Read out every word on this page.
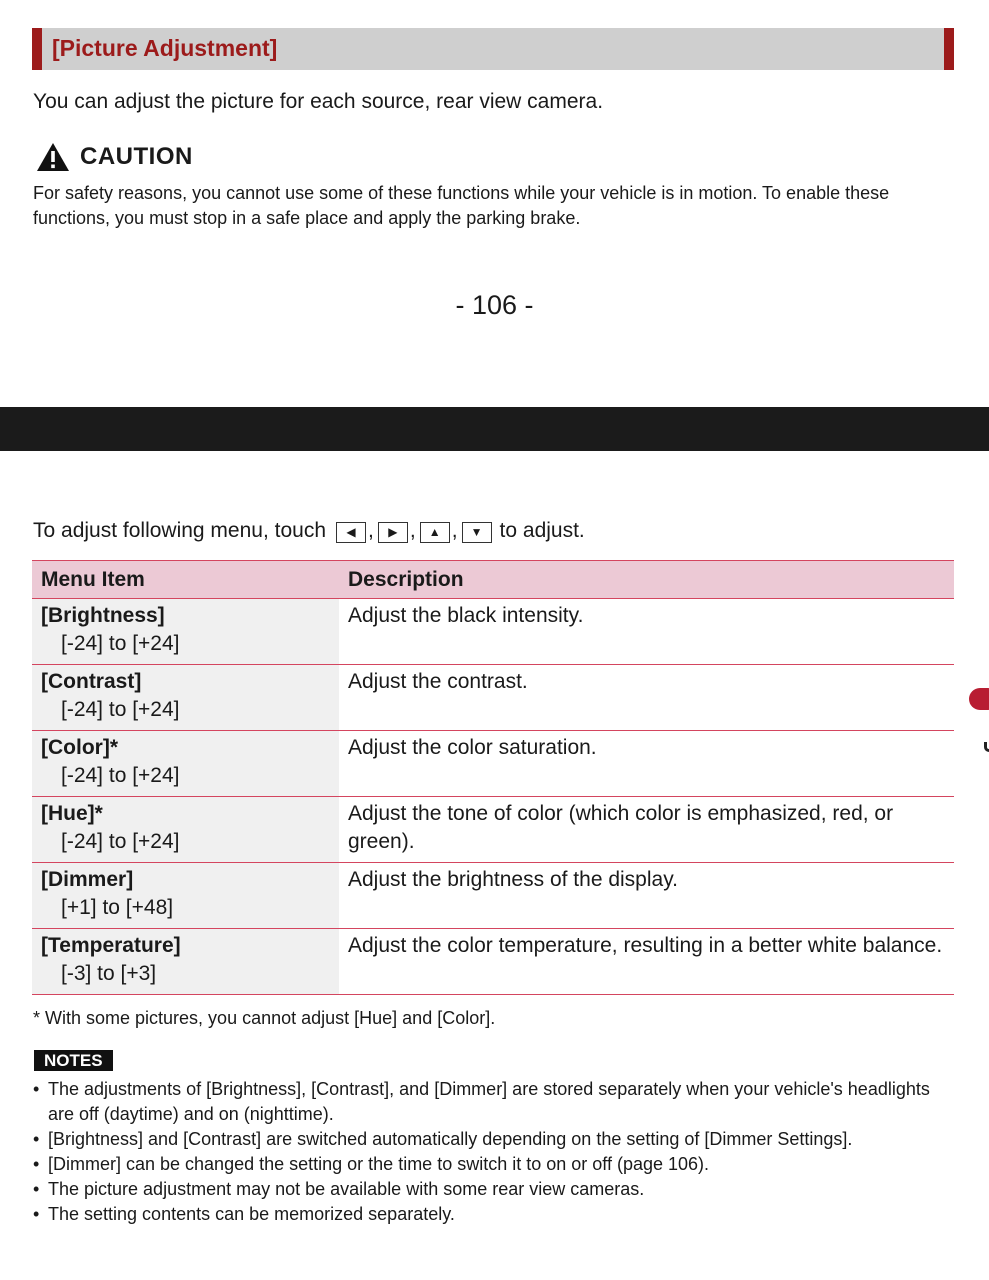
[Picture Adjustment]
You can adjust the picture for each source, rear view camera.
CAUTION
For safety reasons, you cannot use some of these functions while your vehicle is in motion. To enable these functions, you must stop in a safe place and apply the parking brake.
- 106 -
To adjust following menu, touch	◀ ,	▶ ,	▲ ,	▼ to adjust.
Menu Item	Description

[Brightness]
[-24] to [+24]	Adjust the black intensity.

[Contrast]
[-24] to [+24]	Adjust the contrast.

[Color]*
[-24] to [+24]	Adjust the color saturation.

[Hue]*
[-24] to [+24]	Adjust the tone of color (which color is emphasized, red, or green).

[Dimmer]
[+1] to [+48]	Adjust the brightness of the display.

[Temperature]
[-3] to [+3]	Adjust the color temperature, resulting in a better white balance.
* With some pictures, you cannot adjust [Hue] and [Color].
NOTES
• The adjustments of [Brightness], [Contrast], and [Dimmer] are stored separately when your vehicle's headlights are off (daytime) and on (nighttime).
• [Brightness] and [Contrast] are switched automatically depending on the setting of [Dimmer Settings].
• [Dimmer] can be changed the setting or the time to switch it to on or off (page 106).
• The picture adjustment may not be available with some rear view cameras.
• The setting contents can be memorized separately.
